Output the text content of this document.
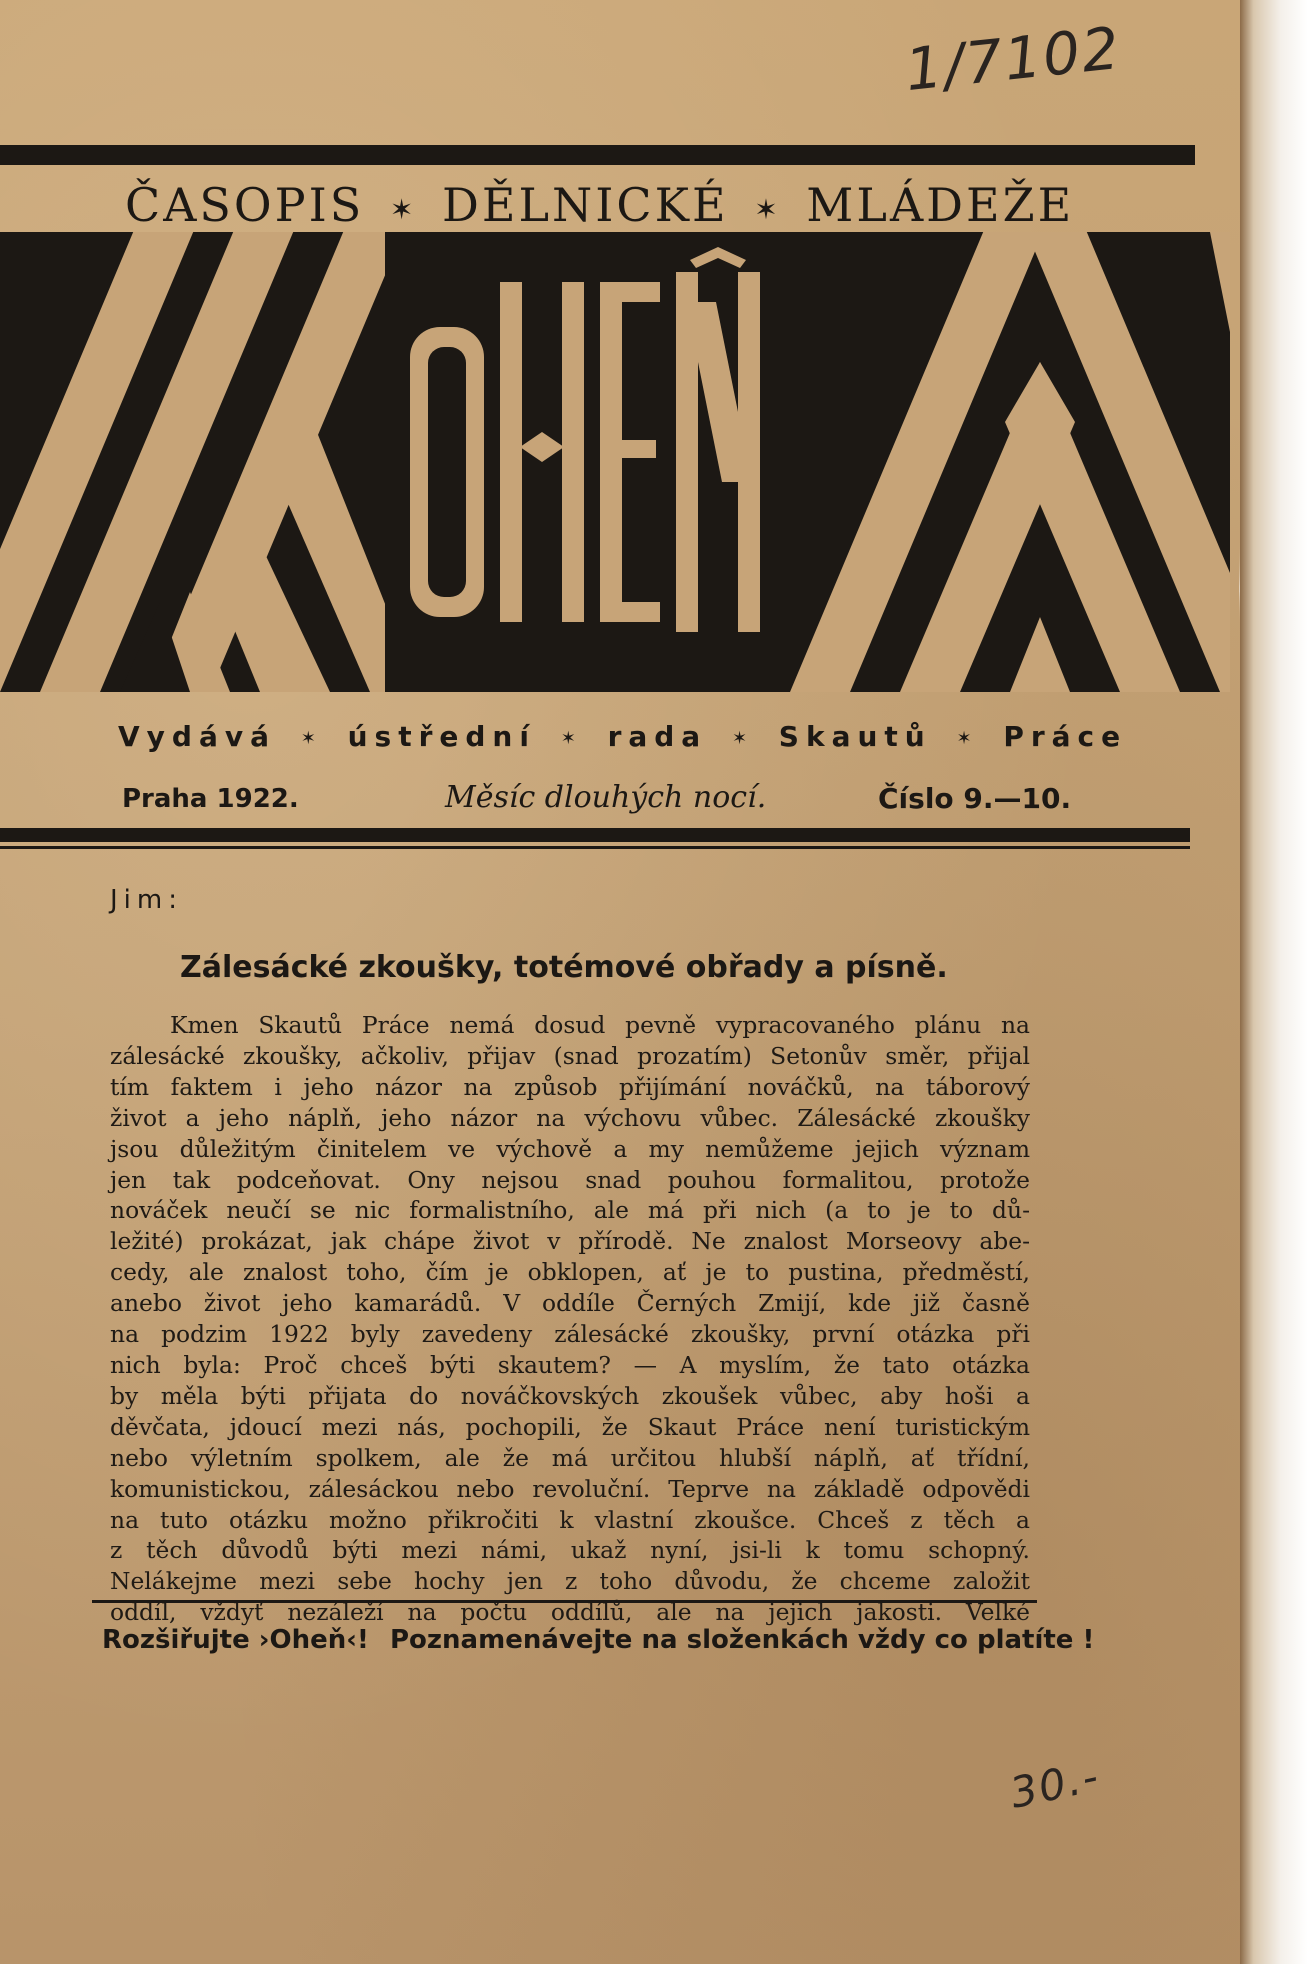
1/7102
ČASOPIS ✶ DĚLNICKÉ ✶ MLÁDEŽE
Vydává ✶ ústřední ✶ rada ✶ Skautů ✶ Práce
Praha 1922.	Měsíc dlouhých nocí.	Číslo 9.—10.
Jim:
Zálesácké zkoušky, totémové obřady a písně.
Kmen Skautů Práce nemá dosud pevně vypracovaného plánu na
zálesácké zkoušky, ačkoliv, přijav (snad prozatím) Setonův směr, přijal
tím faktem i jeho názor na způsob přijímání nováčků, na táborový
život a jeho náplň, jeho názor na výchovu vůbec. Zálesácké zkoušky
jsou důležitým činitelem ve výchově a my nemůžeme jejich význam
jen tak podceňovat. Ony nejsou snad pouhou formalitou, protože
nováček neučí se nic formalistního, ale má při nich (a to je to dů-
ležité) prokázat, jak chápe život v přírodě. Ne znalost Morseovy abe-
cedy, ale znalost toho, čím je obklopen, ať je to pustina, předměstí,
anebo život jeho kamarádů. V oddíle Černých Zmijí, kde již časně
na podzim 1922 byly zavedeny zálesácké zkoušky, první otázka při
nich byla: Proč chceš býti skautem? — A myslím, že tato otázka
by měla býti přijata do nováčkovských zkoušek vůbec, aby hoši a
děvčata, jdoucí mezi nás, pochopili, že Skaut Práce není turistickým
nebo výletním spolkem, ale že má určitou hlubší náplň, ať třídní,
komunistickou, zálesáckou nebo revoluční. Teprve na základě odpovědi
na tuto otázku možno přikročiti k vlastní zkoušce. Chceš z těch a
z těch důvodů býti mezi námi, ukaž nyní, jsi-li k tomu schopný.
Nelákejme mezi sebe hochy jen z toho důvodu, že chceme založit
oddíl, vždyť nezáleží na počtu oddílů, ale na jejich jakosti. Velké
Rozšiřujte ›Oheň‹! Poznamenávejte na složenkách vždy co platíte !
30.-
